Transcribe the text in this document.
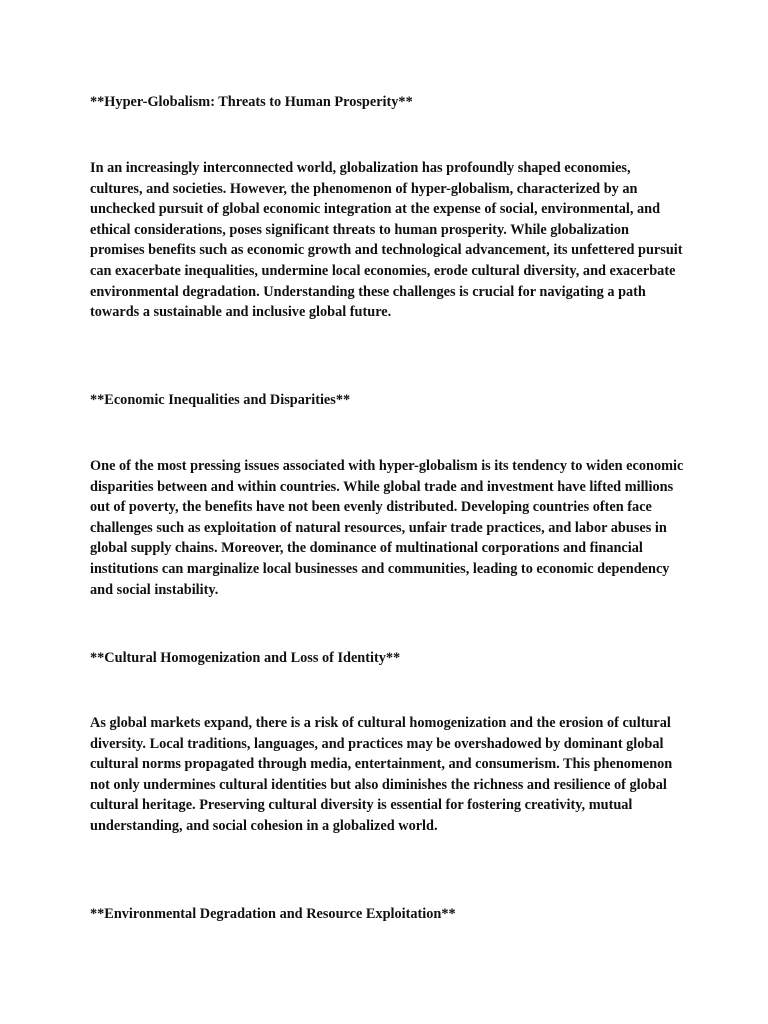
**Hyper-Globalism: Threats to Human Prosperity**

In an increasingly interconnected world, globalization has profoundly shaped economies, cultures, and societies. However, the phenomenon of hyper-globalism, characterized by an unchecked pursuit of global economic integration at the expense of social, environmental, and ethical considerations, poses significant threats to human prosperity. While globalization promises benefits such as economic growth and technological advancement, its unfettered pursuit can exacerbate inequalities, undermine local economies, erode cultural diversity, and exacerbate environmental degradation. Understanding these challenges is crucial for navigating a path towards a sustainable and inclusive global future.

**Economic Inequalities and Disparities**

One of the most pressing issues associated with hyper-globalism is its tendency to widen economic disparities between and within countries. While global trade and investment have lifted millions out of poverty, the benefits have not been evenly distributed. Developing countries often face challenges such as exploitation of natural resources, unfair trade practices, and labor abuses in global supply chains. Moreover, the dominance of multinational corporations and financial institutions can marginalize local businesses and communities, leading to economic dependency and social instability.

**Cultural Homogenization and Loss of Identity**

As global markets expand, there is a risk of cultural homogenization and the erosion of cultural diversity. Local traditions, languages, and practices may be overshadowed by dominant global cultural norms propagated through media, entertainment, and consumerism. This phenomenon not only undermines cultural identities but also diminishes the richness and resilience of global cultural heritage. Preserving cultural diversity is essential for fostering creativity, mutual understanding, and social cohesion in a globalized world.

**Environmental Degradation and Resource Exploitation**
